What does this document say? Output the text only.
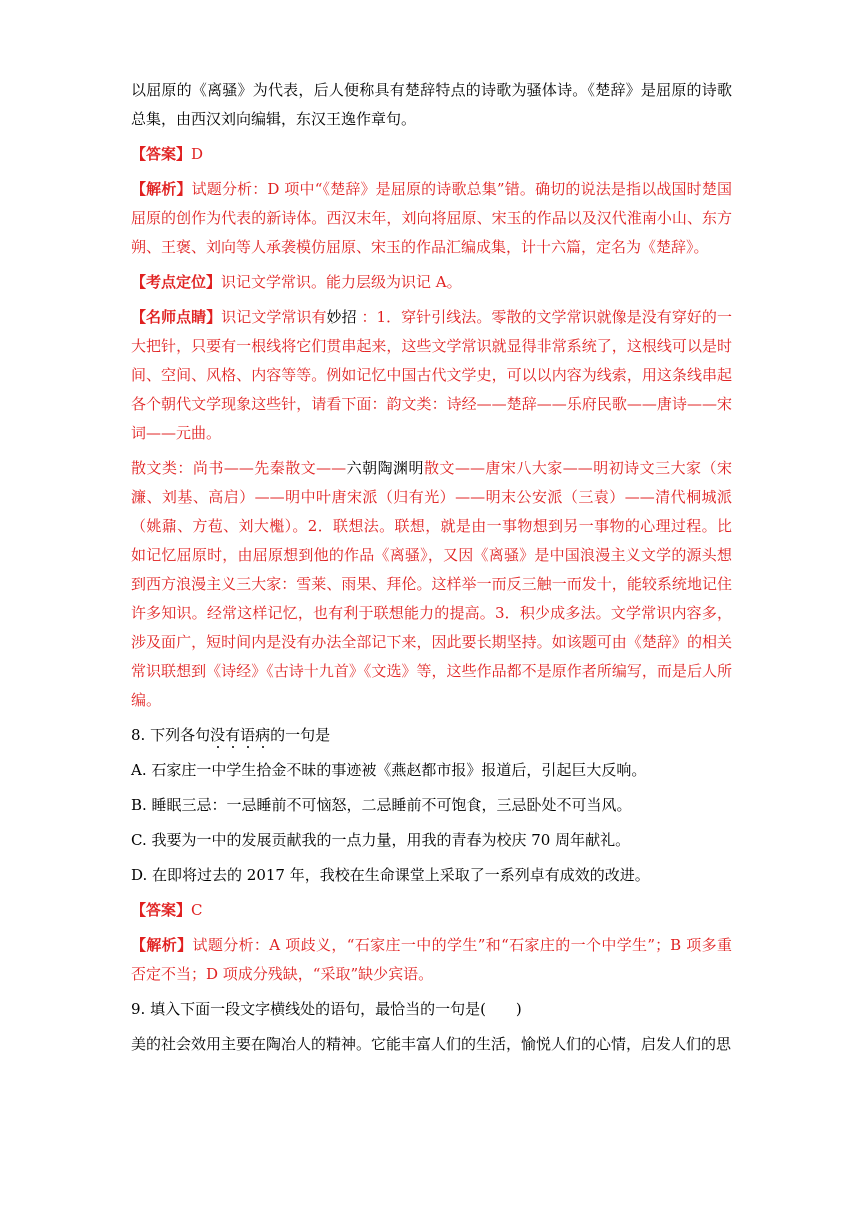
以屈原的《离骚》为代表，后人便称具有楚辞特点的诗歌为骚体诗。《楚辞》是屈原的诗歌总集，由西汉刘向编辑，东汉王逸作章句。

【答案】D

【解析】试题分析：D 项中“《楚辞》是屈原的诗歌总集”错。确切的说法是指以战国时楚国屈原的创作为代表的新诗体。西汉末年，刘向将屈原、宋玉的作品以及汉代淮南小山、东方朔、王褒、刘向等人承袭模仿屈原、宋玉的作品汇编成集，计十六篇，定名为《楚辞》。

【考点定位】识记文学常识。能力层级为识记 A。

【名师点睛】识记文学常识有妙招 ：1．穿针引线法。零散的文学常识就像是没有穿好的一大把针，只要有一根线将它们贯串起来，这些文学常识就显得非常系统了，这根线可以是时间、空间、风格、内容等等。例如记忆中国古代文学史，可以以内容为线索，用这条线串起各个朝代文学现象这些针，请看下面：韵文类：诗经——楚辞——乐府民歌——唐诗——宋词——元曲。

散文类：尚书——先秦散文——六朝陶渊明散文——唐宋八大家——明初诗文三大家（宋濂、刘基、高启）——明中叶唐宋派（归有光）——明末公安派（三袁）——清代桐城派（姚鼐、方苞、刘大櫆）。2．联想法。联想，就是由一事物想到另一事物的心理过程。比如记忆屈原时，由屈原想到他的作品《离骚》，又因《离骚》是中国浪漫主义文学的源头想到西方浪漫主义三大家：雪莱、雨果、拜伦。这样举一而反三触一而发十，能较系统地记住许多知识。经常这样记忆，也有利于联想能力的提高。3．积少成多法。文学常识内容多，涉及面广，短时间内是没有办法全部记下来，因此要长期坚持。如该题可由《楚辞》的相关常识联想到《诗经》《古诗十九首》《文选》等，这些作品都不是原作者所编写，而是后人所编。

8. 下列各句没有语病的一句是

A. 石家庄一中学生拾金不昧的事迹被《燕赵都市报》报道后，引起巨大反响。

B. 睡眠三忌：一忌睡前不可恼怒，二忌睡前不可饱食，三忌卧处不可当风。

C. 我要为一中的发展贡献我的一点力量，用我的青春为校庆 70 周年献礼。

D. 在即将过去的 2017 年，我校在生命课堂上采取了一系列卓有成效的改进。

【答案】C

【解析】试题分析：A 项歧义，“石家庄一中的学生”和“石家庄的一个中学生”；B 项多重否定不当；D 项成分残缺，“采取”缺少宾语。

9. 填入下面一段文字横线处的语句，最恰当的一句是(　　)

美的社会效用主要在陶冶人的精神。它能丰富人们的生活，愉悦人们的心情，启发人们的思
